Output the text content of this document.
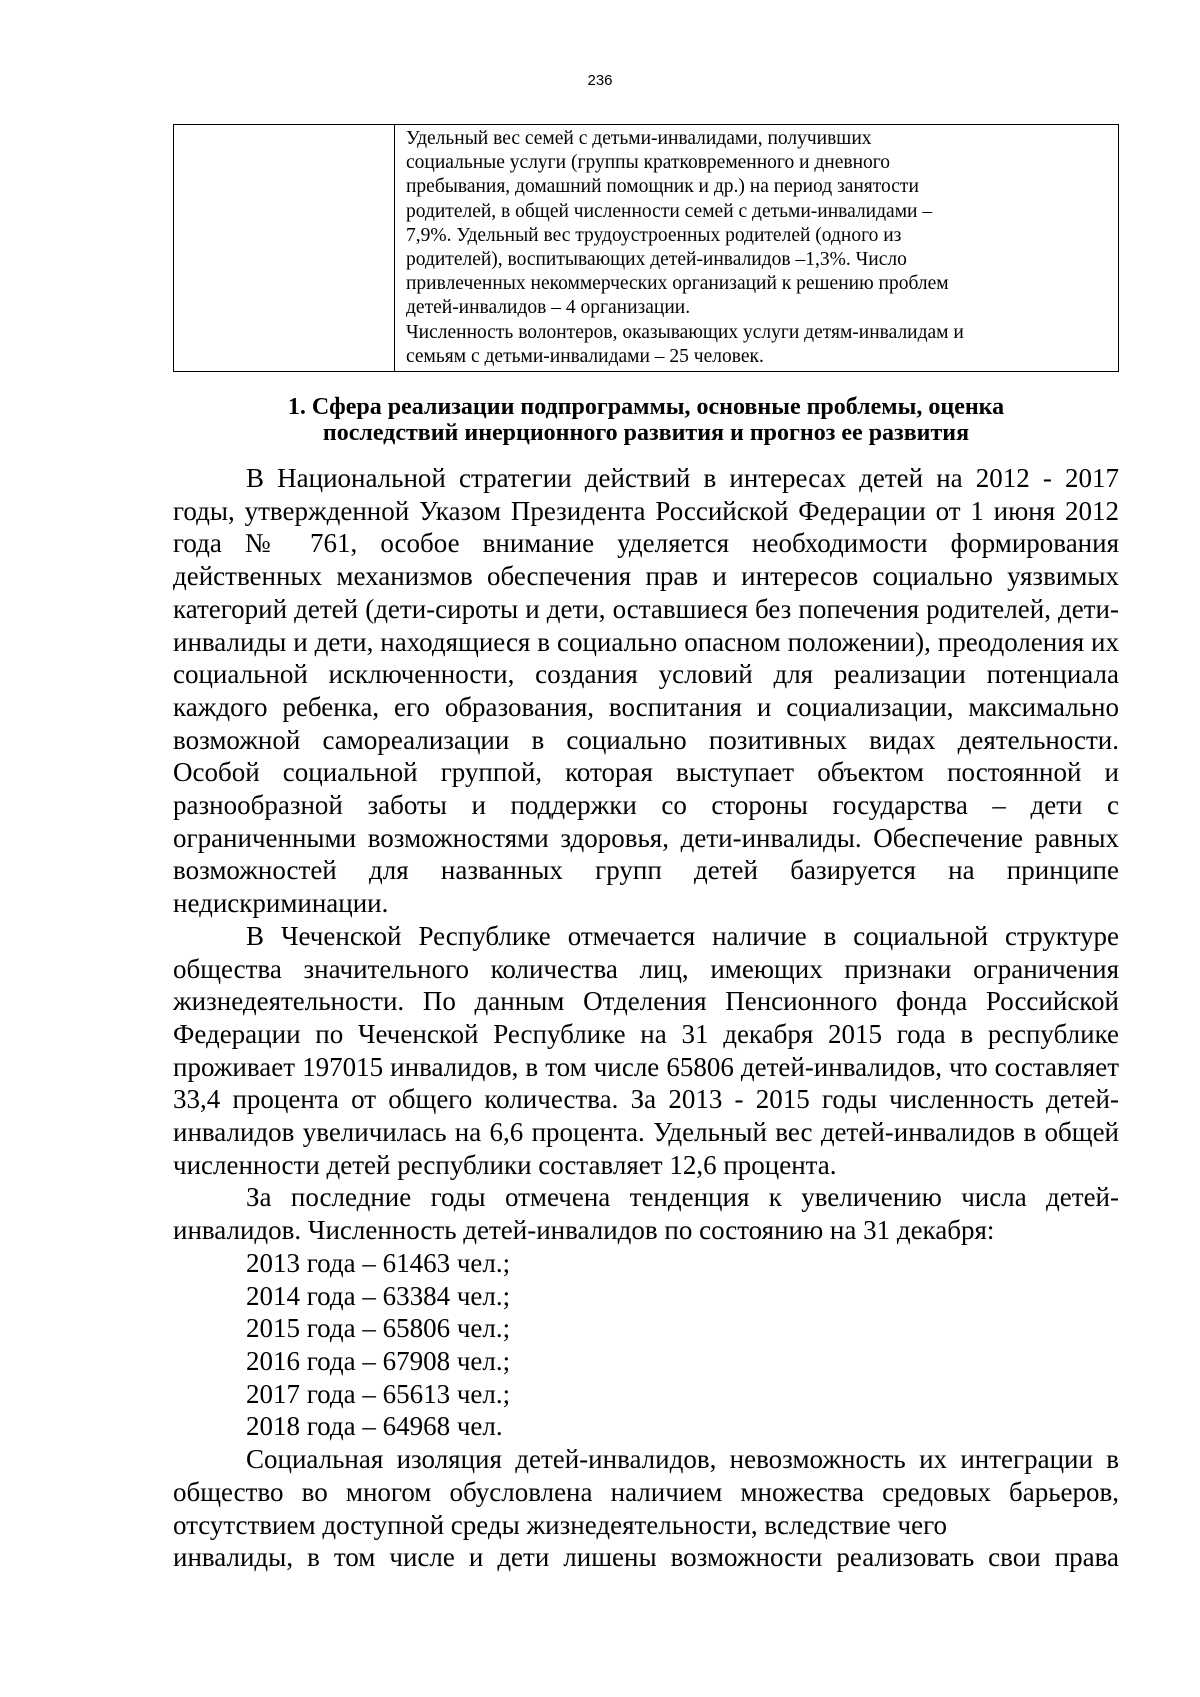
236

Удельный вес семей с детьми-инвалидами, получивших
социальные услуги (группы кратковременного и дневного
пребывания, домашний помощник и др.) на период занятости
родителей, в общей численности семей с детьми-инвалидами –
7,9%. Удельный вес трудоустроенных родителей (одного из
родителей), воспитывающих детей-инвалидов –1,3%. Число
привлеченных некоммерческих организаций к решению проблем
детей-инвалидов – 4 организации.
Численность волонтеров, оказывающих услуги детям-инвалидам и
семьям с детьми-инвалидами – 25 человек.
1. Сфера реализации подпрограммы, основные проблемы, оценка
последствий инерционного развития и прогноз ее развития

В Национальной стратегии действий в интересах детей на 2012 - 2017 годы, утвержденной Указом Президента Российской Федерации от 1 июня 2012 года № 761, особое внимание уделяется необходимости формирования действенных механизмов обеспечения прав и интересов социально уязвимых категорий детей (дети-сироты и дети, оставшиеся без попечения родителей, дети-инвалиды и дети, находящиеся в социально опасном положении), преодоления их социальной исключенности, создания условий для реализации потенциала каждого ребенка, его образования, воспитания и социализации, максимально возможной самореализации в социально позитивных видах деятельности. Особой социальной группой, которая выступает объектом постоянной и разнообразной заботы и поддержки со стороны государства – дети с ограниченными возможностями здоровья, дети-инвалиды. Обеспечение равных возможностей для названных групп детей базируется на принципе недискриминации.

В Чеченской Республике отмечается наличие в социальной структуре общества значительного количества лиц, имеющих признаки ограничения жизнедеятельности. По данным Отделения Пенсионного фонда Российской Федерации по Чеченской Республике на 31 декабря 2015 года в республике проживает 197015 инвалидов, в том числе 65806 детей-инвалидов, что составляет 33,4 процента от общего количества. За 2013 - 2015 годы численность детей-инвалидов увеличилась на 6,6 процента. Удельный вес детей-инвалидов в общей численности детей республики составляет 12,6 процента.

За последние годы отмечена тенденция к увеличению числа детей-инвалидов. Численность детей-инвалидов по состоянию на 31 декабря:

2013 года – 61463 чел.;

2014 года – 63384 чел.;

2015 года – 65806 чел.;

2016 года – 67908 чел.;

2017 года – 65613 чел.;

2018 года – 64968 чел.

Социальная изоляция детей-инвалидов, невозможность их интеграции в общество во многом обусловлена наличием множества средовых барьеров, отсутствием доступной среды жизнедеятельности, вследствие чего

инвалиды, в том числе и дети лишены возможности реализовать свои права
